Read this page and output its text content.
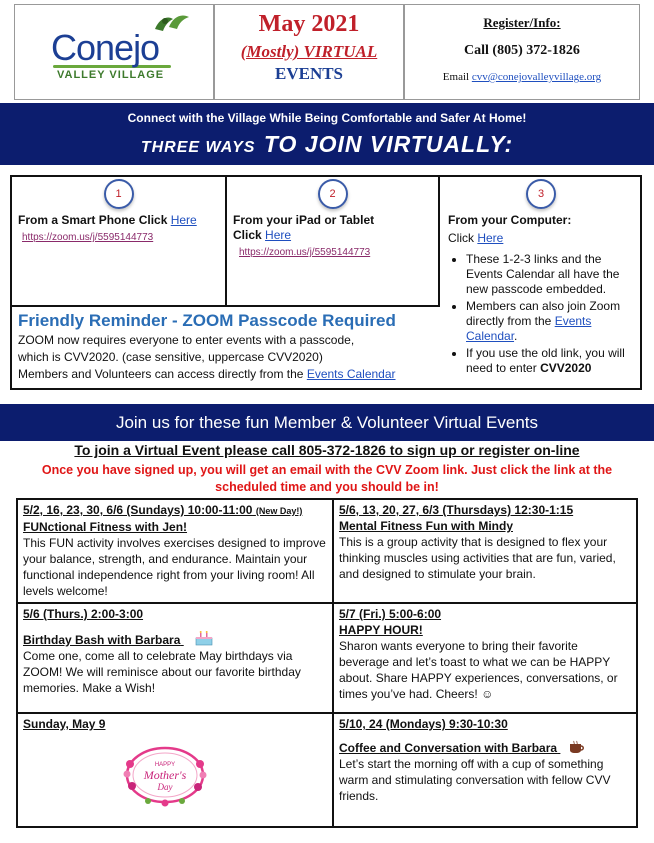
Conejo
VALLEY VILLAGE
May 2021
(Mostly) VIRTUAL
EVENTS
Register/Info:
Call (805) 372-1826
Email cvv@conejovalleyvillage.org
Connect with the Village While Being Comfortable and Safer At Home!
THREE WAYS TO JOIN VIRTUALLY:
1
From a Smart Phone Click Here
https://zoom.us/j/5595144773
2
From your iPad or Tablet
Click Here
https://zoom.us/j/5595144773
3
From your Computer:
Click Here
• These 1-2-3 links and the Events Calendar all have the new passcode embedded.
• Members can also join Zoom directly from the Events Calendar.
• If you use the old link, you will need to enter CVV2020
Friendly Reminder - ZOOM Passcode Required
ZOOM now requires everyone to enter events with a passcode,
which is CVV2020. (case sensitive, uppercase CVV2020)
Members and Volunteers can access directly from the Events Calendar
Join us for these fun Member & Volunteer Virtual Events
To join a Virtual Event please call 805-372-1826 to sign up or register on-line
Once you have signed up, you will get an email with the CVV Zoom link. Just click the link at the scheduled time and you should be in!
5/2, 16, 23, 30, 6/6 (Sundays) 10:00-11:00 (New Day!)
FUNctional Fitness with Jen!
This FUN activity involves exercises designed to improve your balance, strength, and endurance. Maintain your functional independence right from your living room! All levels welcome!
5/6, 13, 20, 27, 6/3 (Thursdays) 12:30-1:15
Mental Fitness Fun with Mindy
This is a group activity that is designed to flex your thinking muscles using activities that are fun, varied, and designed to stimulate your brain.
5/6 (Thurs.) 2:00-3:00
Birthday Bash with Barbara
Come one, come all to celebrate May birthdays via ZOOM! We will reminisce about our favorite birthday memories. Make a Wish!
5/7 (Fri.) 5:00-6:00
HAPPY HOUR!
Sharon wants everyone to bring their favorite beverage and let’s toast to what we can be HAPPY about. Share HAPPY experiences, conversations, or times you’ve had. Cheers! ☺
Sunday, May 9
HAPPY
Mother's
Day
5/10, 24 (Mondays) 9:30-10:30
Coffee and Conversation with Barbara
Let’s start the morning off with a cup of something warm and stimulating conversation with fellow CVV friends.
